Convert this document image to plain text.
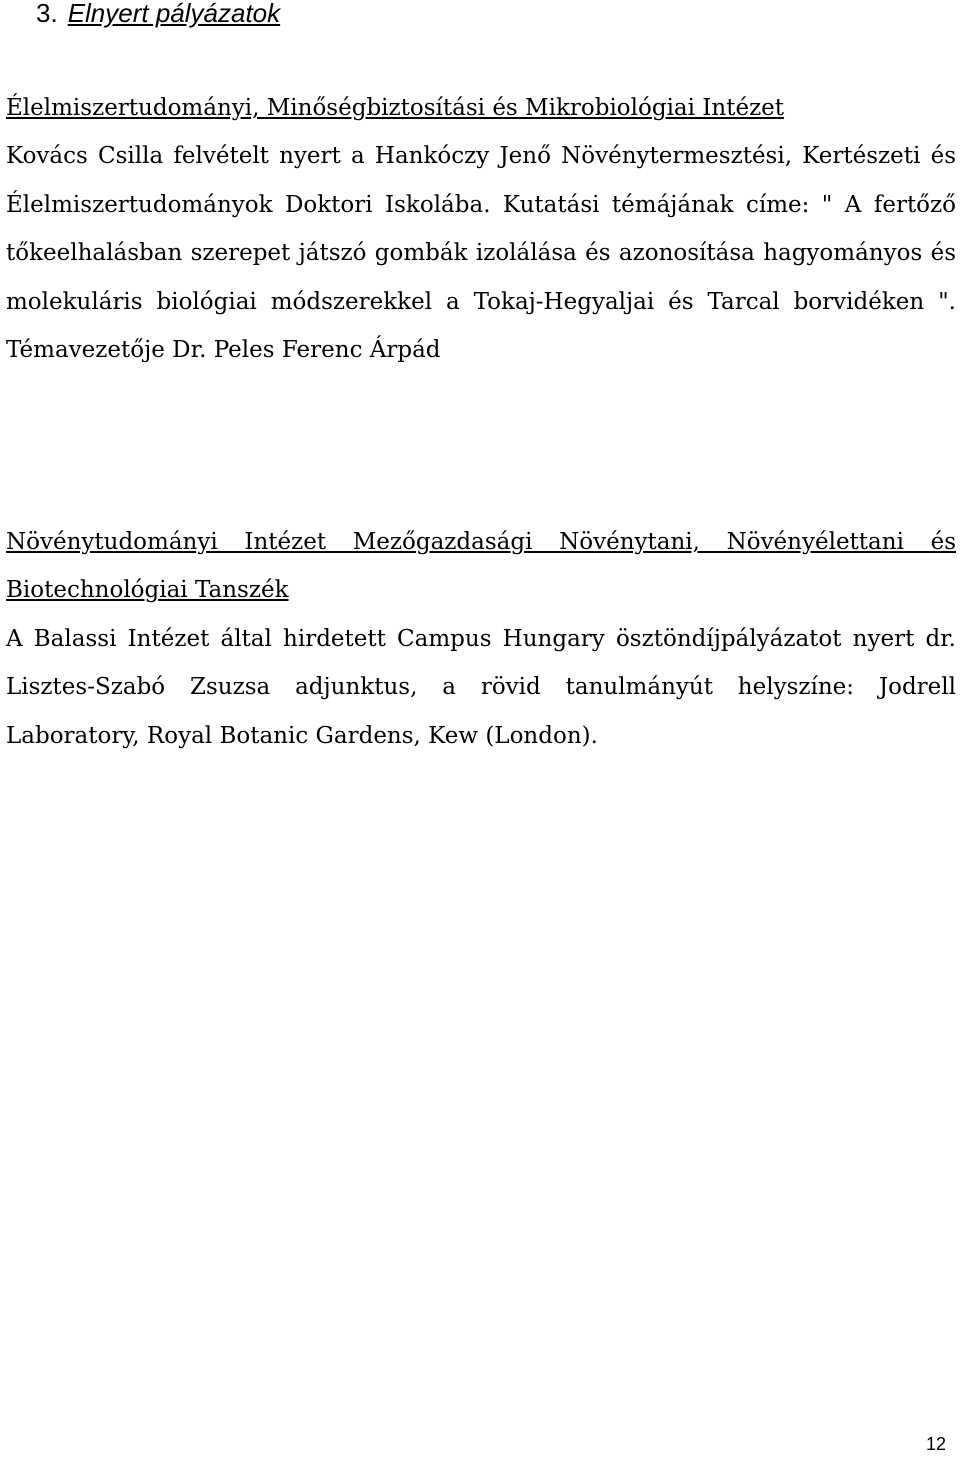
3. Elnyert pályázatok

Élelmiszertudományi, Minőségbiztosítási és Mikrobiológiai Intézet

Kovács Csilla felvételt nyert a Hankóczy Jenő Növénytermesztési, Kertészeti és Élelmiszertudományok Doktori Iskolába. Kutatási témájának címe: " A fertőző tőkeelhalásban szerepet játszó gombák izolálása és azonosítása hagyományos és molekuláris biológiai módszerekkel a Tokaj-Hegyaljai és Tarcal borvidéken ". Témavezetője Dr. Peles Ferenc Árpád

Növénytudományi Intézet Mezőgazdasági Növénytani, Növényélettani és Biotechnológiai Tanszék

A Balassi Intézet által hirdetett Campus Hungary ösztöndíjpályázatot nyert dr. Lisztes-Szabó Zsuzsa adjunktus, a rövid tanulmányút helyszíne: Jodrell Laboratory, Royal Botanic Gardens, Kew (London).

12
